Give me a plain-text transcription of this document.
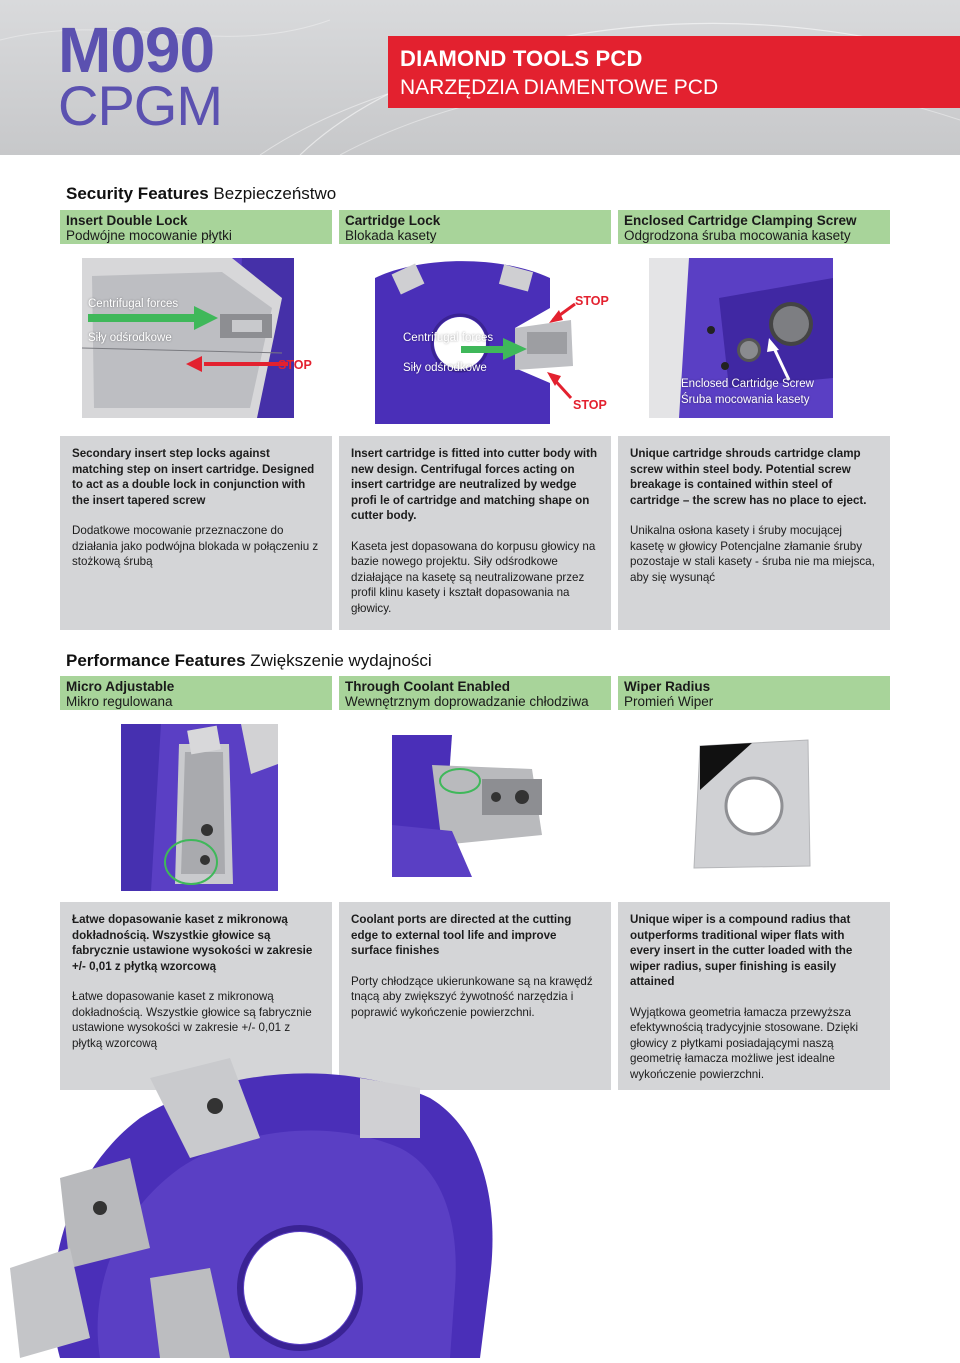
M090
CPGM
DIAMOND TOOLS PCD
NARZĘDZIA DIAMENTOWE PCD
Security Features Bezpieczeństwo
Insert Double Lock
Podwójne mocowanie płytki
Centrifugal forces
Siły odśrodkowe
STOP
Secondary insert step locks against matching step on insert cartridge. Designed to act as a double lock in conjunction with the insert tapered screw
Dodatkowe mocowanie przeznaczone do działania jako podwójna blokada w połączeniu z stożkową śrubą
Cartridge Lock
Blokada kasety
Centrifugal forces
Siły odśrodkowe
STOP
STOP
Insert cartridge is fitted into cutter body with new design. Centrifugal forces acting on insert cartridge are neutralized by wedge profi le of cartridge and matching shape on cutter body.
Kaseta jest dopasowana do korpusu głowicy na bazie nowego projektu. Siły odśrodkowe działające na kasetę są neutralizowane przez profil klinu kasety i kształt dopasowania na głowicy.
Enclosed Cartridge Clamping Screw
Odgrodzona śruba mocowania kasety
Enclosed Cartridge Screw
Śruba mocowania kasety
Unique cartridge shrouds cartridge clamp screw within steel body. Potential screw breakage is contained within steel of cartridge – the screw has no place to eject.
Unikalna osłona kasety i śruby mocującej kasetę w głowicy Potencjalne złamanie śruby pozostaje w stali kasety - śruba nie ma miejsca, aby się wysunąć
Performance Features Zwiększenie wydajności
Micro Adjustable
Mikro regulowana
Łatwe dopasowanie kaset z mikronową dokładnością. Wszystkie głowice są fabrycznie ustawione wysokości w zakresie +/- 0,01 z płytką wzorcową
Łatwe dopasowanie kaset z mikronową dokładnością. Wszystkie głowice są fabrycznie ustawione wysokości w zakresie +/- 0,01 z płytką wzorcową
Through Coolant Enabled
Wewnętrznym doprowadzanie chłodziwa
Coolant ports are directed at the cutting edge to external tool life and improve surface finishes
Porty chłodzące ukierunkowane są na krawędź tnącą aby zwiększyć żywotność narzędzia i poprawić wykończenie powierzchni.
Wiper Radius
Promień Wiper
Unique wiper is a compound radius that outperforms traditional wiper flats with every insert in the cutter loaded with the wiper radius, super finishing is easily attained
Wyjątkowa geometria łamacza przewyższa efektywnością tradycyjnie stosowane. Dzięki głowicy z płytkami posiadającymi naszą geometrię łamacza możliwe jest idealne wykończenie powierzchni.
